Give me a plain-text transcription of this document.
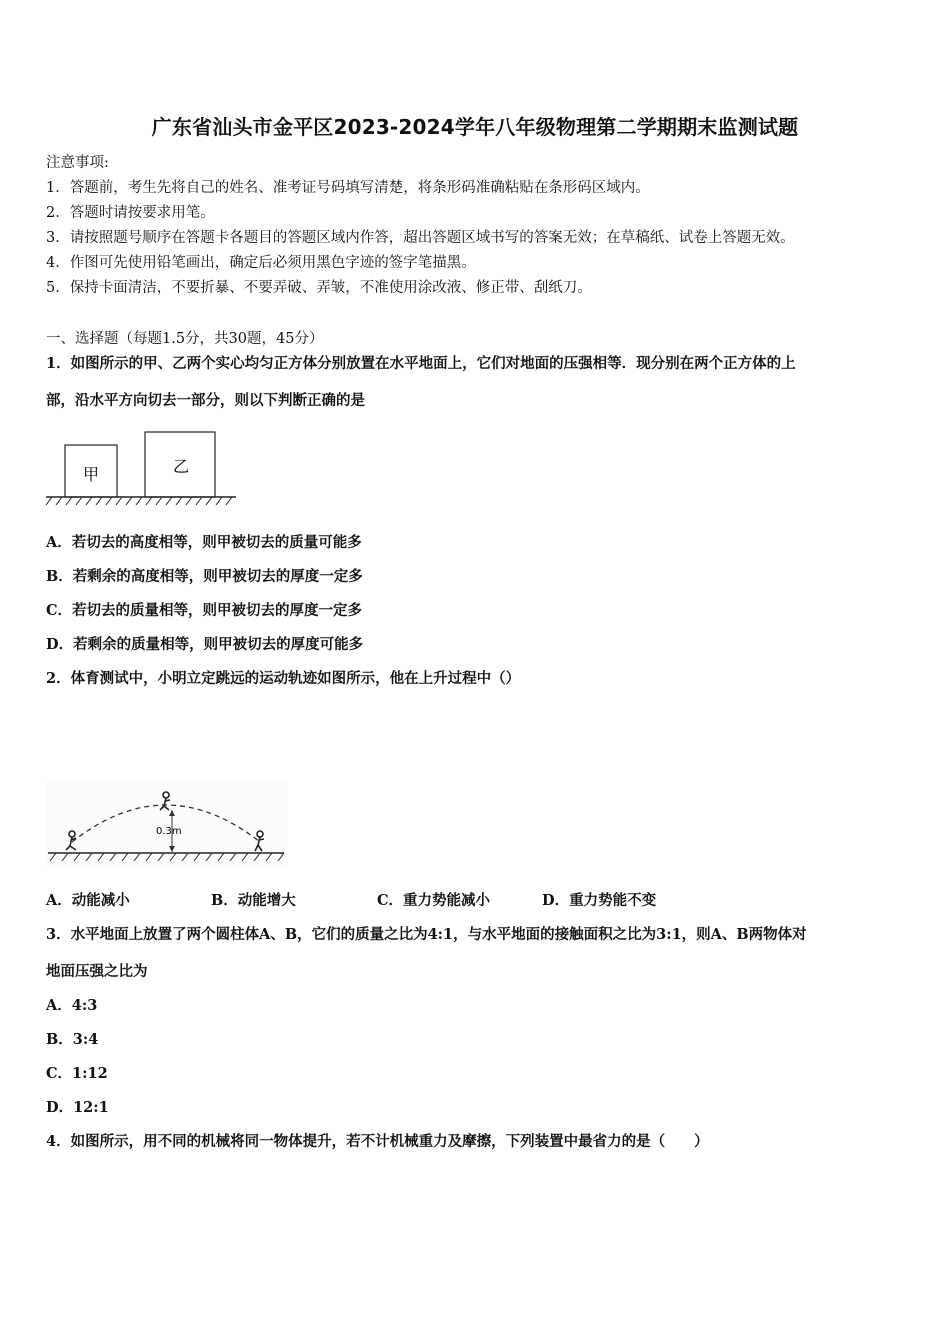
广东省汕头市金平区2023-2024学年八年级物理第二学期期末监测试题
注意事项:
1．答题前，考生先将自己的姓名、准考证号码填写清楚，将条形码准确粘贴在条形码区域内。
2．答题时请按要求用笔。
3．请按照题号顺序在答题卡各题目的答题区域内作答，超出答题区域书写的答案无效；在草稿纸、试卷上答题无效。
4．作图可先使用铅笔画出，确定后必须用黑色字迹的签字笔描黑。
5．保持卡面清洁，不要折暴、不要弄破、弄皱，不准使用涂改液、修正带、刮纸刀。
一、选择题（每题1.5分，共30题，45分）
1．如图所示的甲、乙两个实心均匀正方体分别放置在水平地面上，它们对地面的压强相等．现分别在两个正方体的上
部，沿水平方向切去一部分，则以下判断正确的是
甲	乙
A．若切去的高度相等，则甲被切去的质量可能多
B．若剩余的高度相等，则甲被切去的厚度一定多
C．若切去的质量相等，则甲被切去的厚度一定多
D．若剩余的质量相等，则甲被切去的厚度可能多
2．体育测试中，小明立定跳远的运动轨迹如图所示，他在上升过程中（）
0.3m
A．动能减小	B．动能增大	C．重力势能减小	D．重力势能不变
3．水平地面上放置了两个圆柱体A、B，它们的质量之比为4:1，与水平地面的接触面积之比为3:1，则A、B两物体对
地面压强之比为
A．4:3
B．3:4
C．1:12
D．12:1
4．如图所示，用不同的机械将同一物体提升，若不计机械重力及摩擦，下列装置中最省力的是（　　）
